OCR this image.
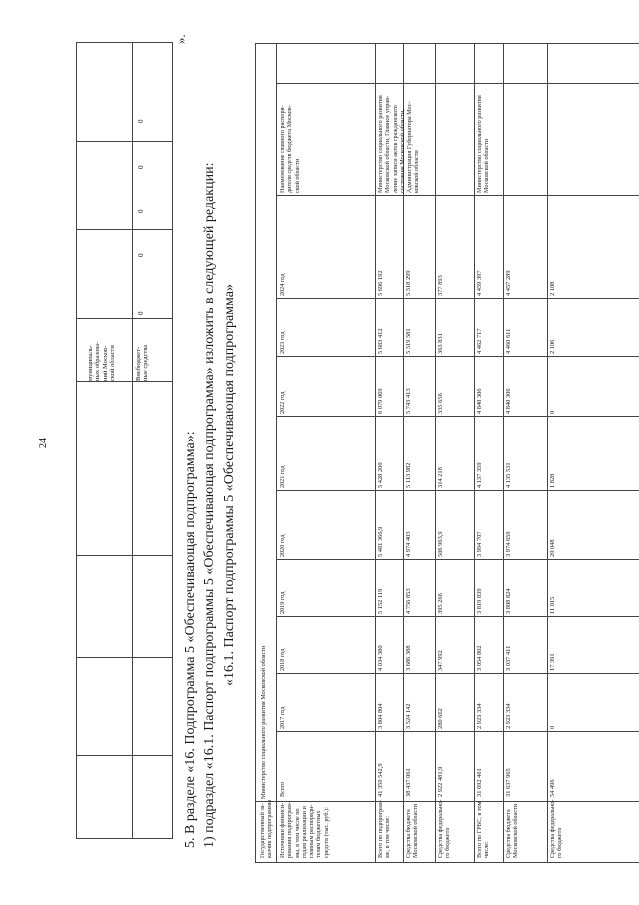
24
муниципаль-
ных образова-
ний Москов-
ской области	Внебюджет-
ные средства
0
0
0
0
0
».
5. В разделе «16. Подпрограмма 5 «Обеспечивающая подпрограмма»: 1) подраздел «16.1. Паспорт подпрограммы 5 «Обеспечивающая подпрограмма» изложить в следующей редакции: «16.1. Паспорт подпрограммы 5 «Обеспечивающая подпрограмма»
Государственный за-
казчик подпрограммы
Министерство социального развития Московской области
Источники финанси-
рования подпрограм-
мы, в том числе по
годам реализации и
главным распоряди-
телям бюджетных
средств (тыс. руб.):
Всего
2017 год
2018 год
2019 год
2020 год
2021 год
2022 год
2023 год
2024 год
Наименование главного распоря-
дителя средств бюджета Москов-
ской области
Всего по подпрограм-
ме, в том числе:
41 359 542,9
3 804 804
4 034 380
5 152 119
5 481 366,9
5 428 200
6 079 069
5 683 412
5 696 192
Министерство социального развития
Московской области, Главное управ-
ление записи актов гражданского
состояния Московской области,
Администрация Губернатора Мос-
ковской области
Средства бюджета
Московской области
38 437 061
3 524 142
3 686 388
4 756 853
4 974 403
5 113 982
5 743 413
5 319 581
5 318 299
Средства федерально-
го бюджета
2 922 481,9
280 662
347 992
395 266
506 963,9
314 218
335 656
363 831
377 893
Всего по ГРБС, в том
числе:
31 692 461
2 923 334
3 054 802
3 819 839
3 994 707
4 137 359
4 840 306
4 462 717
4 459 397
Министерство социального развития
Московской области
Средства бюджета
Московской области
31 637 965
2 923 334
3 037 411
3 808 824
3 974 659
4 135 531
4 840 306
4 460 611
4 457 289
Средства федерально-
го бюджета
54 496
0
17 391
11 015
20 048
1 828
0
2 106
2 108
